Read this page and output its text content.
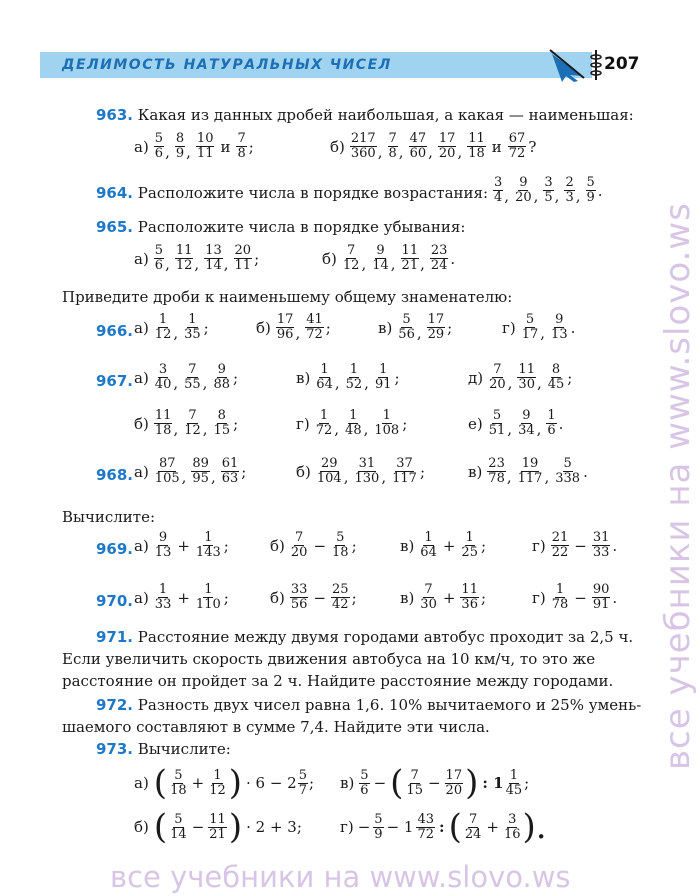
ДЕЛИМОСТЬ НАТУРАЛЬНЫХ ЧИСЕЛ	207
963. Какая из данных дробей наибольшая, а какая — наименьшая:
$а) \frac{5}{6}$ , $\frac{8}{9}$ , $\frac{10}{11}$ и $\frac{7}{8}$ ;	$б) \frac{217}{360}$ , $\frac{7}{8}$ , $\frac{47}{60}$ , $\frac{17}{20}$ , $\frac{11}{18}$ и $\frac{67}{72}$ ?
964. Расположите числа в порядке возрастания: $\frac{3}{4}$ , $\frac{9}{20}$ , $\frac{3}{5}$ , $\frac{2}{3}$ , $\frac{5}{9}$ .
965. Расположите числа в порядке убывания:
$а) \frac{5}{6}$ , $\frac{11}{12}$ , $\frac{13}{14}$ , $\frac{20}{11}$ ;	$б) \frac{7}{12}$ , $\frac{9}{14}$ , $\frac{11}{21}$ , $\frac{23}{24}$ .
Приведите дроби к наименьшему общему знаменателю:
966. $а) \frac{1}{12}$ , $\frac{1}{35}$ ;	$б) \frac{17}{96}$ , $\frac{41}{72}$ ;	$в) \frac{5}{56}$ , $\frac{17}{29}$ ;	$г) \frac{5}{17}$ , $\frac{9}{13}$ .
967. $а) \frac{3}{40}$ , $\frac{7}{55}$ , $\frac{9}{88}$ ;	$в) \frac{1}{64}$ , $\frac{1}{52}$ , $\frac{1}{91}$ ;	$д) \frac{7}{20}$ , $\frac{11}{30}$ , $\frac{8}{45}$ ;
$б) \frac{11}{18}$ , $\frac{7}{12}$ , $\frac{8}{15}$ ;	$г) \frac{1}{72}$ , $\frac{1}{48}$ , $\frac{1}{108}$ ;	$е) \frac{5}{51}$ , $\frac{9}{34}$ , $\frac{1}{6}$ .
968. $а) \frac{87}{105}$ , $\frac{89}{95}$ , $\frac{61}{63}$ ;	$б) \frac{29}{104}$ , $\frac{31}{130}$ , $\frac{37}{117}$ ;	$в) \frac{23}{78}$ , $\frac{19}{117}$ , $\frac{5}{338}$ .
Вычислите:
969. $а) \frac{9}{13} + \frac{1}{143}$ ;	$б) \frac{7}{20} - \frac{5}{18}$ ;	$в) \frac{1}{64} + \frac{1}{25}$ ;	$г) \frac{21}{22} - \frac{31}{33}$ .
970. $а) \frac{1}{33} + \frac{1}{110}$ ;	$б) \frac{33}{56} - \frac{25}{42}$ ;	$в) \frac{7}{30} + \frac{11}{36}$ ;	$г) \frac{1}{78} - \frac{90}{91}$ .
971. Расстояние между двумя городами автобус проходит за 2,5 ч.
Если увеличить скорость движения автобуса на 10 км/ч, то это же
расстояние он пройдет за 2 ч. Найдите расстояние между городами.
972. Разность двух чисел равна 1,6. 10% вычитаемого и 25% умень-
шаемого составляют в сумме 7,4. Найдите эти числа.
973. Вычислите:
а) ( $\frac{5}{18} + \frac{1}{12}$ ) · $6 - 2 \frac{5}{7}$ ; $в) \frac{5}{6}$ − ( $\frac{7}{15} - \frac{17}{20}$ ) : $1 \frac{1}{45}$ ;
б) ( $\frac{5}{14} - \frac{11}{21}$ ) · 2 + 3 ;	$г) - \frac{5}{9} - 1 \frac{43}{72}$ : ( $\frac{7}{24} + \frac{3}{16}$ ).
все учебники на www.slovo.ws
все учебники на www.slovo.ws
